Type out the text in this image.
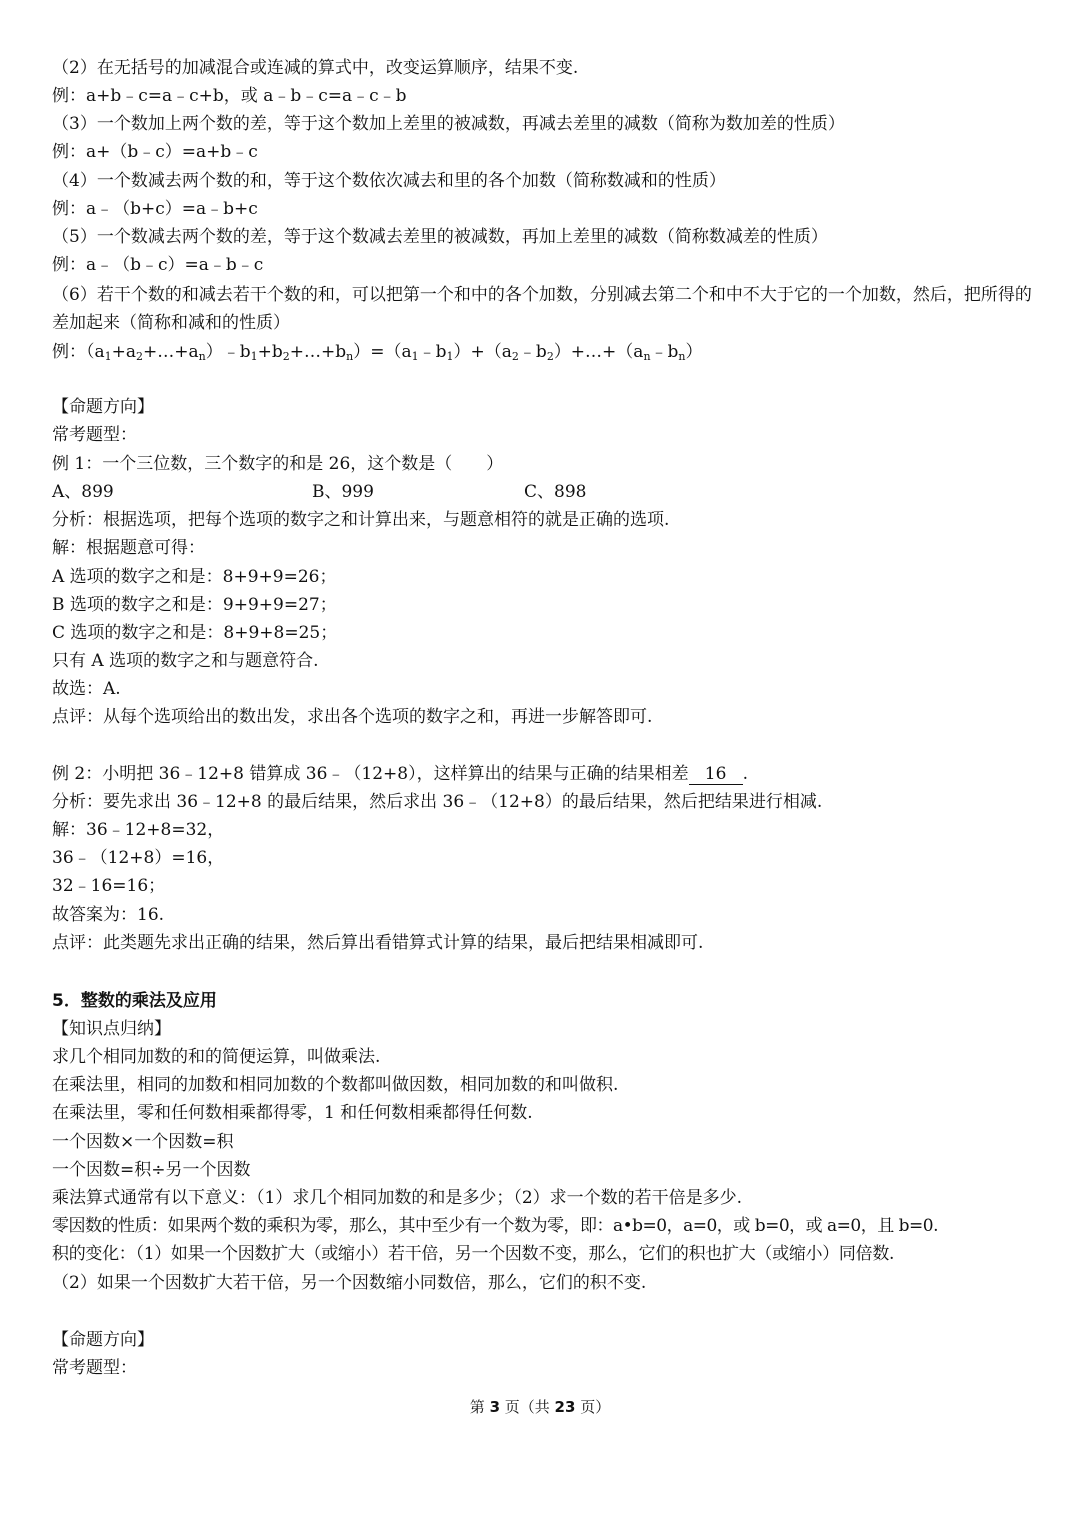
（2）在无括号的加减混合或连减的算式中，改变运算顺序，结果不变.
例：a+b﹣c=a﹣c+b，或 a﹣b﹣c=a﹣c﹣b
（3）一个数加上两个数的差，等于这个数加上差里的被减数，再减去差里的减数（简称为数加差的性质）
例：a+（b﹣c）=a+b﹣c
（4）一个数减去两个数的和，等于这个数依次减去和里的各个加数（简称数减和的性质）
例：a﹣（b+c）=a﹣b+c
（5）一个数减去两个数的差，等于这个数减去差里的被减数，再加上差里的减数（简称数减差的性质）
例：a﹣（b﹣c）=a﹣b﹣c
（6）若干个数的和减去若干个数的和，可以把第一个和中的各个加数，分别减去第二个和中不大于它的一个加数，然后，把所得的差加起来（简称和减和的性质）
例：$(a_1+a_2+\dots+a_n)﹣b_1+b_2+\dots+b_n)=(a_1﹣b_1)+(a_2﹣b_2)+\dots+(a_n﹣b_n)$
【命题方向】
常考题型：
例 1：一个三位数，三个数字的和是 26，这个数是（　　）
A、899	B、999	C、898
分析：根据选项，把每个选项的数字之和计算出来，与题意相符的就是正确的选项.
解：根据题意可得：
A 选项的数字之和是：8+9+9=26；
B 选项的数字之和是：9+9+9=27；
C 选项的数字之和是：8+9+8=25；
只有 A 选项的数字之和与题意符合.
故选：A.
点评：从每个选项给出的数出发，求出各个选项的数字之和，再进一步解答即可.
例 2：小明把 36﹣12+8 错算成 36﹣（12+8），这样算出的结果与正确的结果相差 16 .
分析：要先求出 36﹣12+8 的最后结果，然后求出 36﹣（12+8）的最后结果，然后把结果进行相减.
解：36﹣12+8=32，
36﹣（12+8）=16，
32﹣16=16；
故答案为：16.
点评：此类题先求出正确的结果，然后算出看错算式计算的结果，最后把结果相减即可.
5．整数的乘法及应用
【知识点归纳】
求几个相同加数的和的简便运算，叫做乘法.
在乘法里，相同的加数和相同加数的个数都叫做因数，相同加数的和叫做积.
在乘法里，零和任何数相乘都得零，1 和任何数相乘都得任何数.
一个因数×一个因数=积
一个因数=积÷另一个因数
乘法算式通常有以下意义：（1）求几个相同加数的和是多少；（2）求一个数的若干倍是多少.
零因数的性质：如果两个数的乘积为零，那么，其中至少有一个数为零，即：a•b=0，a=0，或 b=0，或 a=0，且 b=0.
积的变化：（1）如果一个因数扩大（或缩小）若干倍，另一个因数不变，那么，它们的积也扩大（或缩小）同倍数.
（2）如果一个因数扩大若干倍，另一个因数缩小同数倍，那么，它们的积不变.
【命题方向】
常考题型：
第 3 页（共 23 页）
